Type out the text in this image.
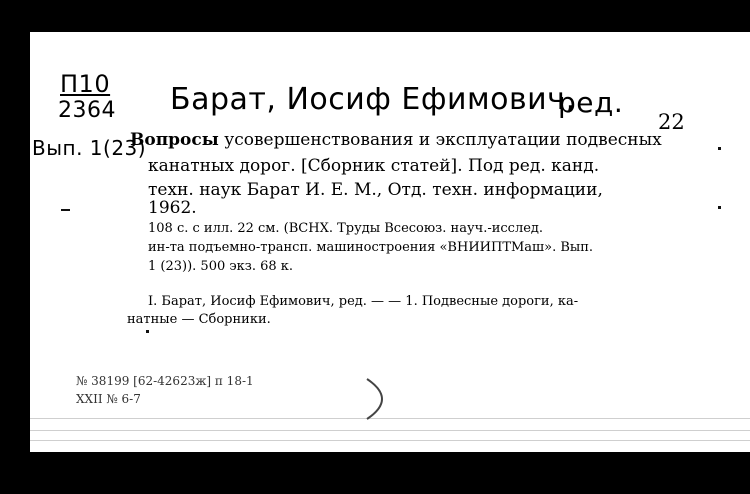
П10
2364 Барат, Иосиф Ефимович,
ред.
22
Вып. 1(23)
Вопросы усовершенствования и эксплуатации подвесных
канатных дорог. [Сборник статей]. Под ред. канд.
техн. наук Барат И. Е. М., Отд. техн. информации,
1962.
108 с. с илл. 22 см. (ВСНХ. Труды Всесоюз. науч.-исслед.
ин-та подъемно-трансп. машиностроения «ВНИИПТМаш». Вып.
1 (23)). 500 экз. 68 к.
I. Барат, Иосиф Ефимович, ред. — — 1. Подвесные дороги, ка-
натные — Сборники.
№ 38199 [62-42623ж] п 18-1
ХХII № 6-7
